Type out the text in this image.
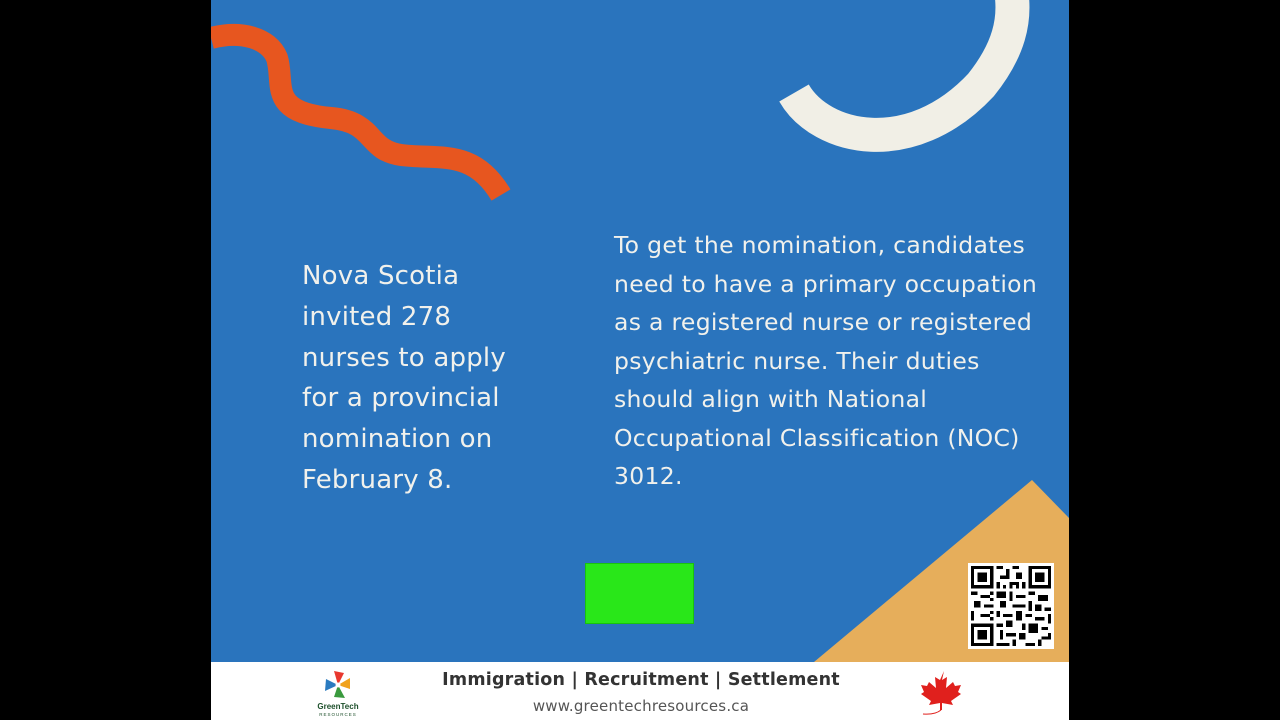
Nova Scotia invited 278 nurses to apply for a provincial nomination on February 8.

To get the nomination, candidates need to have a primary occupation as a registered nurse or registered psychiatric nurse. Their duties should align with National Occupational Classification (NOC) 3012.

GreenTech
RESOURCES
Immigration | Recruitment | Settlement
www.greentechresources.ca
